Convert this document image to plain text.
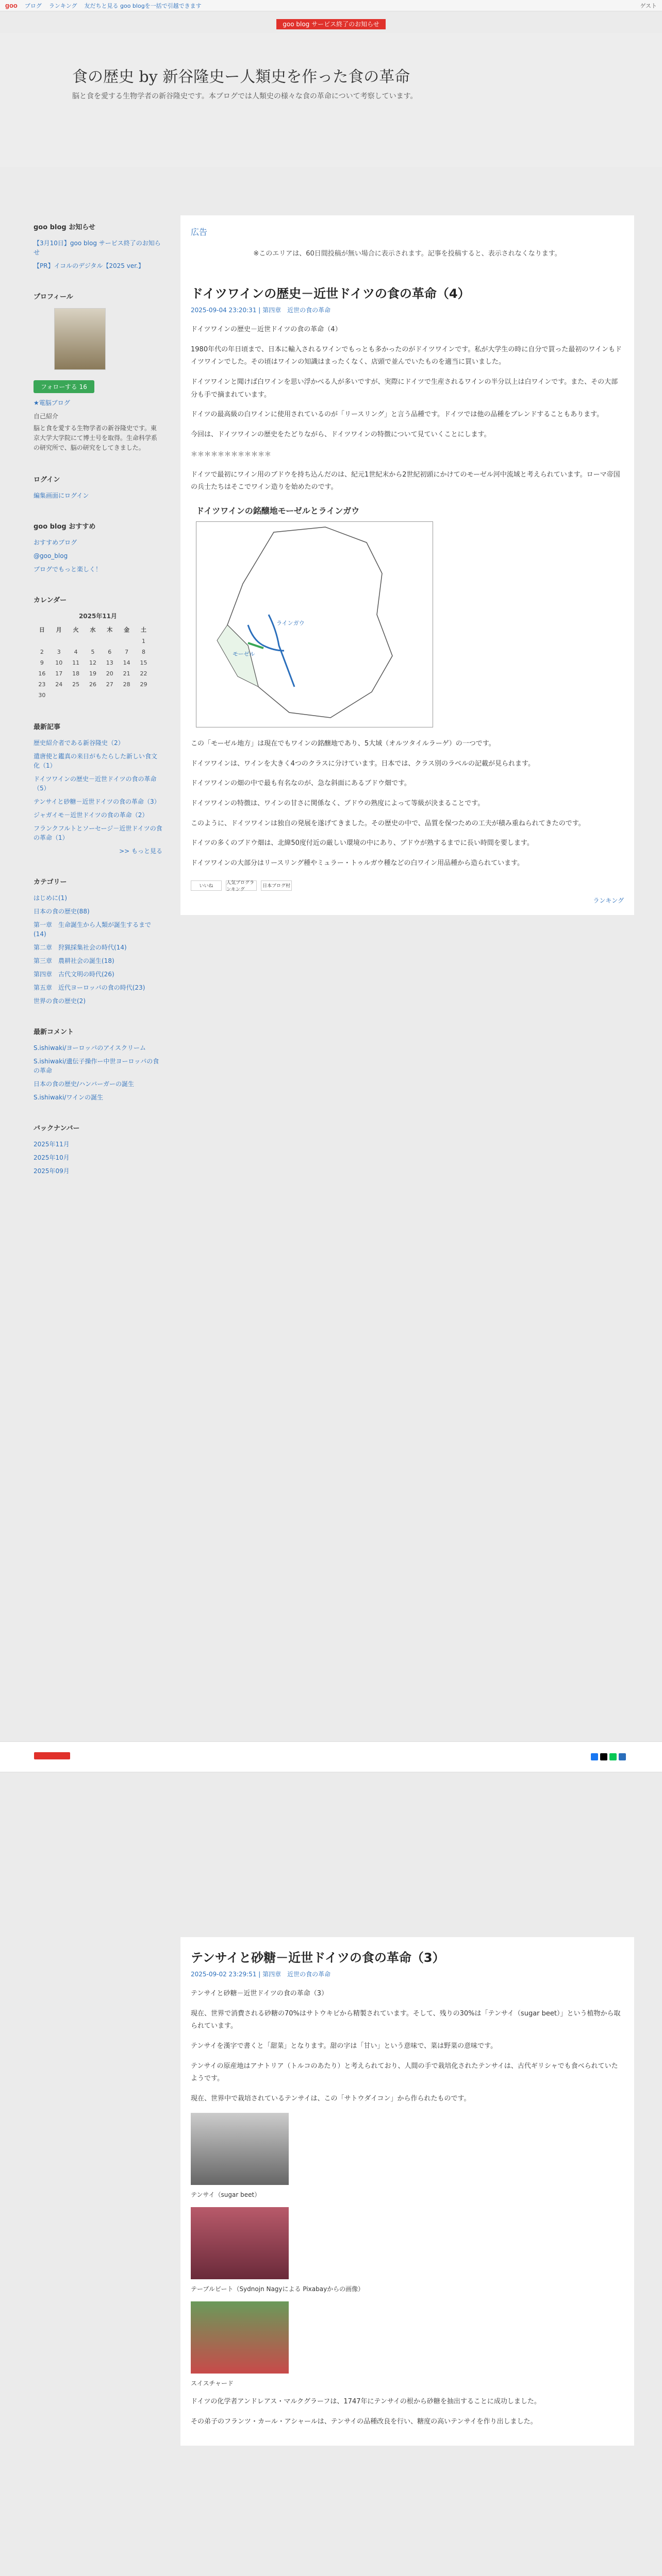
goo ブログ ランキング 友だちと見る goo blogを一括で引越できます	ゲスト
goo blog サービス終了のお知らせ
食の歴史 by 新谷隆史ー人類史を作った食の革命
脳と食を愛する生物学者の新谷隆史です。本ブログでは人類史の様々な食の革命について考察しています。
goo blog お知らせ
【3月10日】goo blog サービス終了のお知らせ
【PR】イコルのデジタル【2025 ver.】
プロフィール
フォローする 16
★電脳ブログ
自己紹介
脳と食を愛する生物学者の新谷隆史です。東京大学大学院にて博士号を取得。生命科学系の研究所で、脳の研究をしてきました。
ログイン
編集画面にログイン
goo blog おすすめ
おすすめブログ
@goo_blog
ブログでもっと楽しく！
カレンダー
2025年11月
日	月	火	水	木	金	土
						1
2	3	4	5	6	7	8
9	10	11	12	13	14	15
16	17	18	19	20	21	22
23	24	25	26	27	28	29
30						
最新記事
歴史紹介者である新谷隆史（2）
遣唐使と鑑真の来日がもたらした新しい食文化（1）
ドイツワインの歴史－近世ドイツの食の革命（5）
テンサイと砂糖－近世ドイツの食の革命（3）
ジャガイモ－近世ドイツの食の革命（2）
フランクフルトとソーセージ－近世ドイツの食の革命（1）
>> もっと見る
カテゴリー
はじめに(1)
日本の食の歴史(88)
第一章　生命誕生から人類が誕生するまで(14)
第二章　狩猟採集社会の時代(14)
第三章　農耕社会の誕生(18)
第四章　古代文明の時代(26)
第五章　近代ヨーロッパの食の時代(23)
世界の食の歴史(2)
最新コメント
S.ishiwaki/ヨーロッパのアイスクリーム
S.ishiwaki/遺伝子操作ー中世ヨーロッパの食の革命
日本の食の歴史/ハンバーガーの誕生
S.ishiwaki/ワインの誕生
バックナンバー
2025年11月
2025年10月
2025年09月
広告
※このエリアは、60日間投稿が無い場合に表示されます。記事を投稿すると、表示されなくなります。
ドイツワインの歴史－近世ドイツの食の革命（4）
2025-09-04 23:20:31 | 第四章　近世の食の革命

ドイツワインの歴史－近世ドイツの食の革命（4）

1980年代の年日頃まで、日本に輸入されるワインでもっとも多かったのがドイツワインです。私が大学生の時に自分で買った最初のワインもドイツワインでした。その頃はワインの知識はまったくなく、店頭で並んでいたものを適当に買いました。

ドイツワインと聞けば白ワインを思い浮かべる人が多いですが、実際にドイツで生産されるワインの半分以上は白ワインです。また、その大部分も手で摘まれています。

ドイツの最高級の白ワインに使用されているのが「リースリング」と言う品種です。ドイツでは他の品種をブレンドすることもあります。

今回は、ドイツワインの歴史をたどりながら、ドイツワインの特徴について見ていくことにします。

＊＊＊＊＊＊＊＊＊＊＊＊

ドイツで最初にワイン用のブドウを持ち込んだのは、紀元1世紀末から2世紀初頭にかけてのモーゼル河中流域と考えられています。ローマ帝国の兵士たちはそこでワイン造りを始めたのです。

ドイツワインの銘醸地モーゼルとラインガウ
ラインガウ
モーゼル

この「モーゼル地方」は現在でもワインの銘醸地であり、5大域（オルツタイルラーゲ）の一つです。

ドイツワインは、ワインを大きく4つのクラスに分けています。日本では、クラス別のラベルの記載が見られます。

ドイツワインの畑の中で最も有名なのが、急な斜面にあるブドウ畑です。

ドイツワインの特徴は、ワインの甘さに関係なく、ブドウの熟度によって等級が決まることです。

このように、ドイツワインは独自の発展を遂げてきました。その歴史の中で、品質を保つための工夫が積み重ねられてきたのです。

ドイツの多くのブドウ畑は、北緯50度付近の厳しい環境の中にあり、ブドウが熟するまでに長い時間を要します。

ドイツワインの大部分はリースリング種やミュラー・トゥルガウ種などの白ワイン用品種から造られています。

いいね
人気ブログランキング
日本ブログ村
ランキング
テンサイと砂糖－近世ドイツの食の革命（3）
2025-09-02 23:29:51 | 第四章　近世の食の革命

テンサイと砂糖－近世ドイツの食の革命（3）

現在、世界で消費される砂糖の70%はサトウキビから精製されています。そして、残りの30%は「テンサイ（sugar beet）」という植物から取られています。

テンサイを漢字で書くと「甜菜」となります。甜の字は「甘い」という意味で、菜は野菜の意味です。

テンサイの原産地はアナトリア（トルコのあたり）と考えられており、人間の手で栽培化されたテンサイは、古代ギリシャでも食べられていたようです。

現在、世界中で栽培されているテンサイは、この「サトウダイコン」から作られたものです。

テンサイ（sugar beet）
テーブルビート（Sydnojn Nagyによる Pixabayからの画像）
スイスチャード

ドイツの化学者アンドレアス・マルクグラーフは、1747年にテンサイの根から砂糖を抽出することに成功しました。

その弟子のフランツ・カール・アシャールは、テンサイの品種改良を行い、糖度の高いテンサイを作り出しました。
